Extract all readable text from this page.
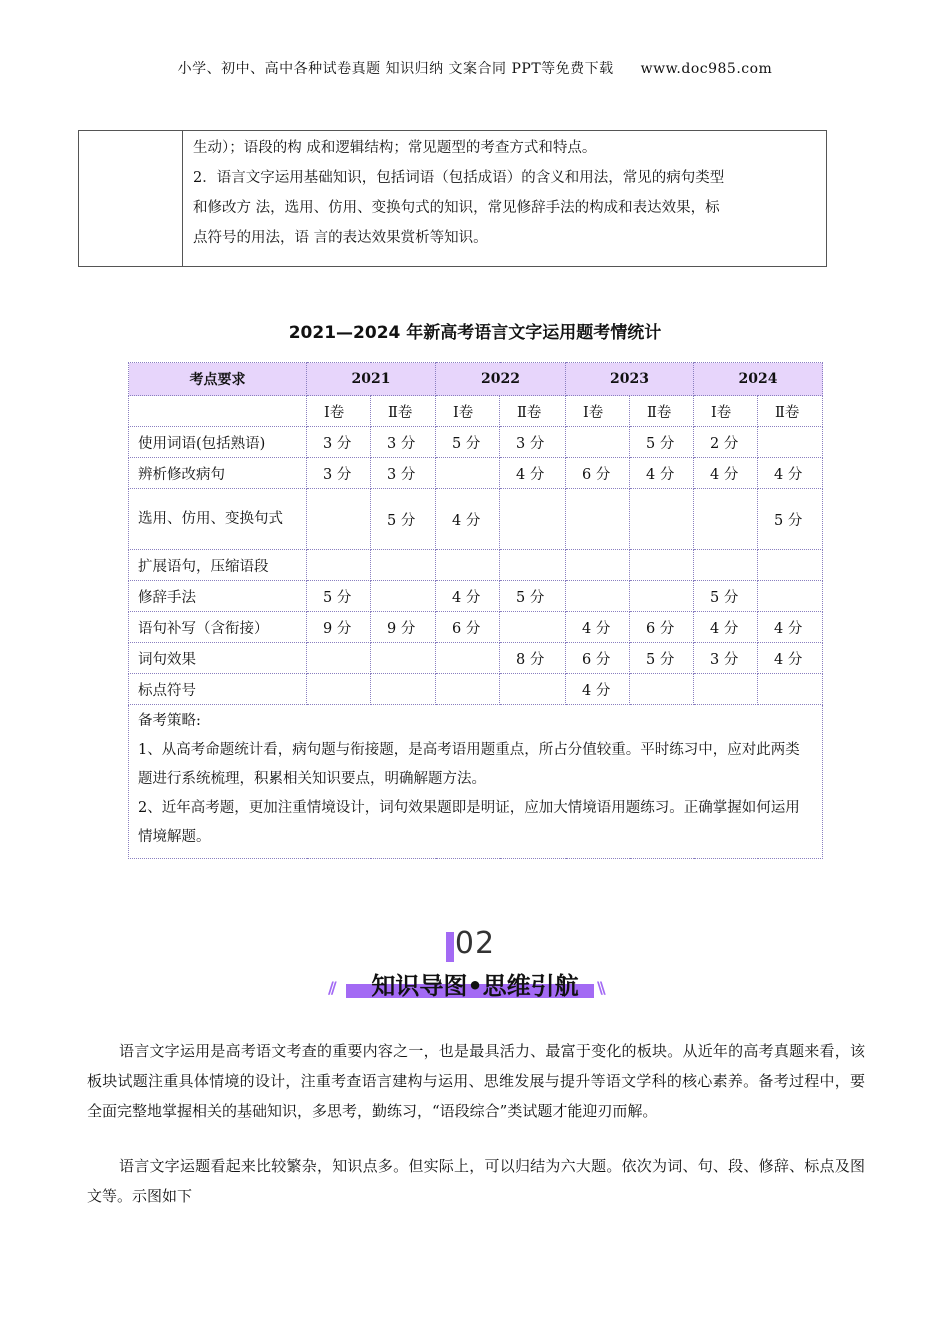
小学、初中、高中各种试卷真题 知识归纳 文案合同 PPT等免费下载 www.doc985.com

生动）；语段的构 成和逻辑结构；常见题型的考查方式和特点。
2．语言文字运用基础知识，包括词语（包括成语）的含义和用法，常见的病句类型
和修改方 法，选用、仿用、变换句式的知识，常见修辞手法的构成和表达效果，标
点符号的用法，语 言的表达效果赏析等知识。
2021—2024 年新高考语言文字运用题考情统计
考点要求	2021		2022		2023		2024	
	Ⅰ卷	Ⅱ卷	Ⅰ卷	Ⅱ卷	Ⅰ卷	Ⅱ卷	Ⅰ卷	Ⅱ卷
使用词语(包括熟语)	3 分	3 分	5 分	3 分		5 分	2 分	
辨析修改病句	3 分	3 分		4 分	6 分	4 分	4 分	4 分
选用、仿用、变换句式		5 分	4 分					5 分
扩展语句，压缩语段								
修辞手法	5 分		4 分	5 分			5 分	
语句补写（含衔接）	9 分	9 分	6 分		4 分	6 分	4 分	4 分
词句效果				8 分	6 分	5 分	3 分	4 分
标点符号					4 分			

备考策略:
1、从高考命题统计看，病句题与衔接题，是高考语用题重点，所占分值较重。平时练习中，应对此两类题进行系统梳理，积累相关知识要点，明确解题方法。
2、近年高考题，更加注重情境设计，词句效果题即是明证，应加大情境语用题练习。正确掌握如何运用情境解题。								
02
//	知识导图•思维引航	\\
语言文字运用是高考语文考查的重要内容之一，也是最具活力、最富于变化的板块。从近年的高考真题来看，该板块试题注重具体情境的设计，注重考查语言建构与运用、思维发展与提升等语文学科的核心素养。备考过程中，要全面完整地掌握相关的基础知识，多思考，勤练习，“语段综合”类试题才能迎刃而解。
语言文字运题看起来比较繁杂，知识点多。但实际上，可以归结为六大题。依次为词、句、段、修辞、标点及图文等。示图如下
